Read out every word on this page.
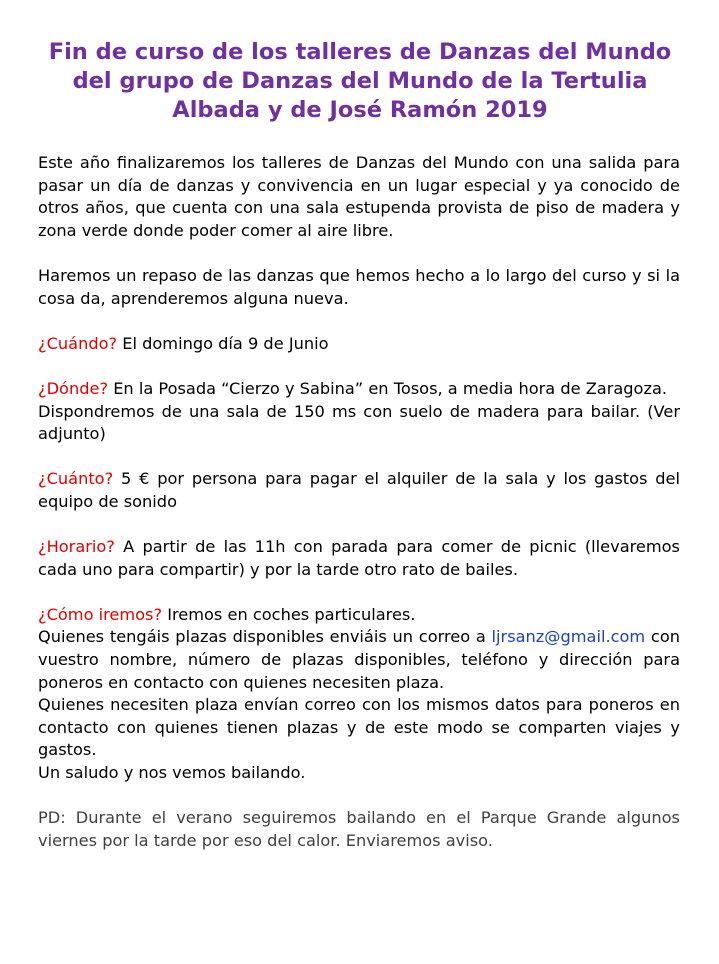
Fin de curso de los talleres de Danzas del Mundo del grupo de Danzas del Mundo de la Tertulia Albada y de José Ramón 2019

Este año finalizaremos los talleres de Danzas del Mundo con una salida para pasar un día de danzas y convivencia en un lugar especial y ya conocido de otros años, que cuenta con una sala estupenda provista de piso de madera y zona verde donde poder comer al aire libre.

Haremos un repaso de las danzas que hemos hecho a lo largo del curso y si la cosa da, aprenderemos alguna nueva.

¿Cuándo? El domingo día 9 de Junio

¿Dónde? En la Posada “Cierzo y Sabina” en Tosos, a media hora de Zaragoza.
Dispondremos de una sala de 150 ms con suelo de madera para bailar. (Ver adjunto)

¿Cuánto? 5 € por persona para pagar el alquiler de la sala y los gastos del equipo de sonido

¿Horario? A partir de las 11h con parada para comer de picnic (llevaremos cada uno para compartir) y por la tarde otro rato de bailes.

¿Cómo iremos? Iremos en coches particulares.

Quienes tengáis plazas disponibles enviáis un correo a ljrsanz@gmail.com con vuestro nombre, número de plazas disponibles, teléfono y dirección para poneros en contacto con quienes necesiten plaza.

Quienes necesiten plaza envían correo con los mismos datos para poneros en contacto con quienes tienen plazas y de este modo se comparten viajes y gastos.

Un saludo y nos vemos bailando.

PD: Durante el verano seguiremos bailando en el Parque Grande algunos viernes por la tarde por eso del calor. Enviaremos aviso.
